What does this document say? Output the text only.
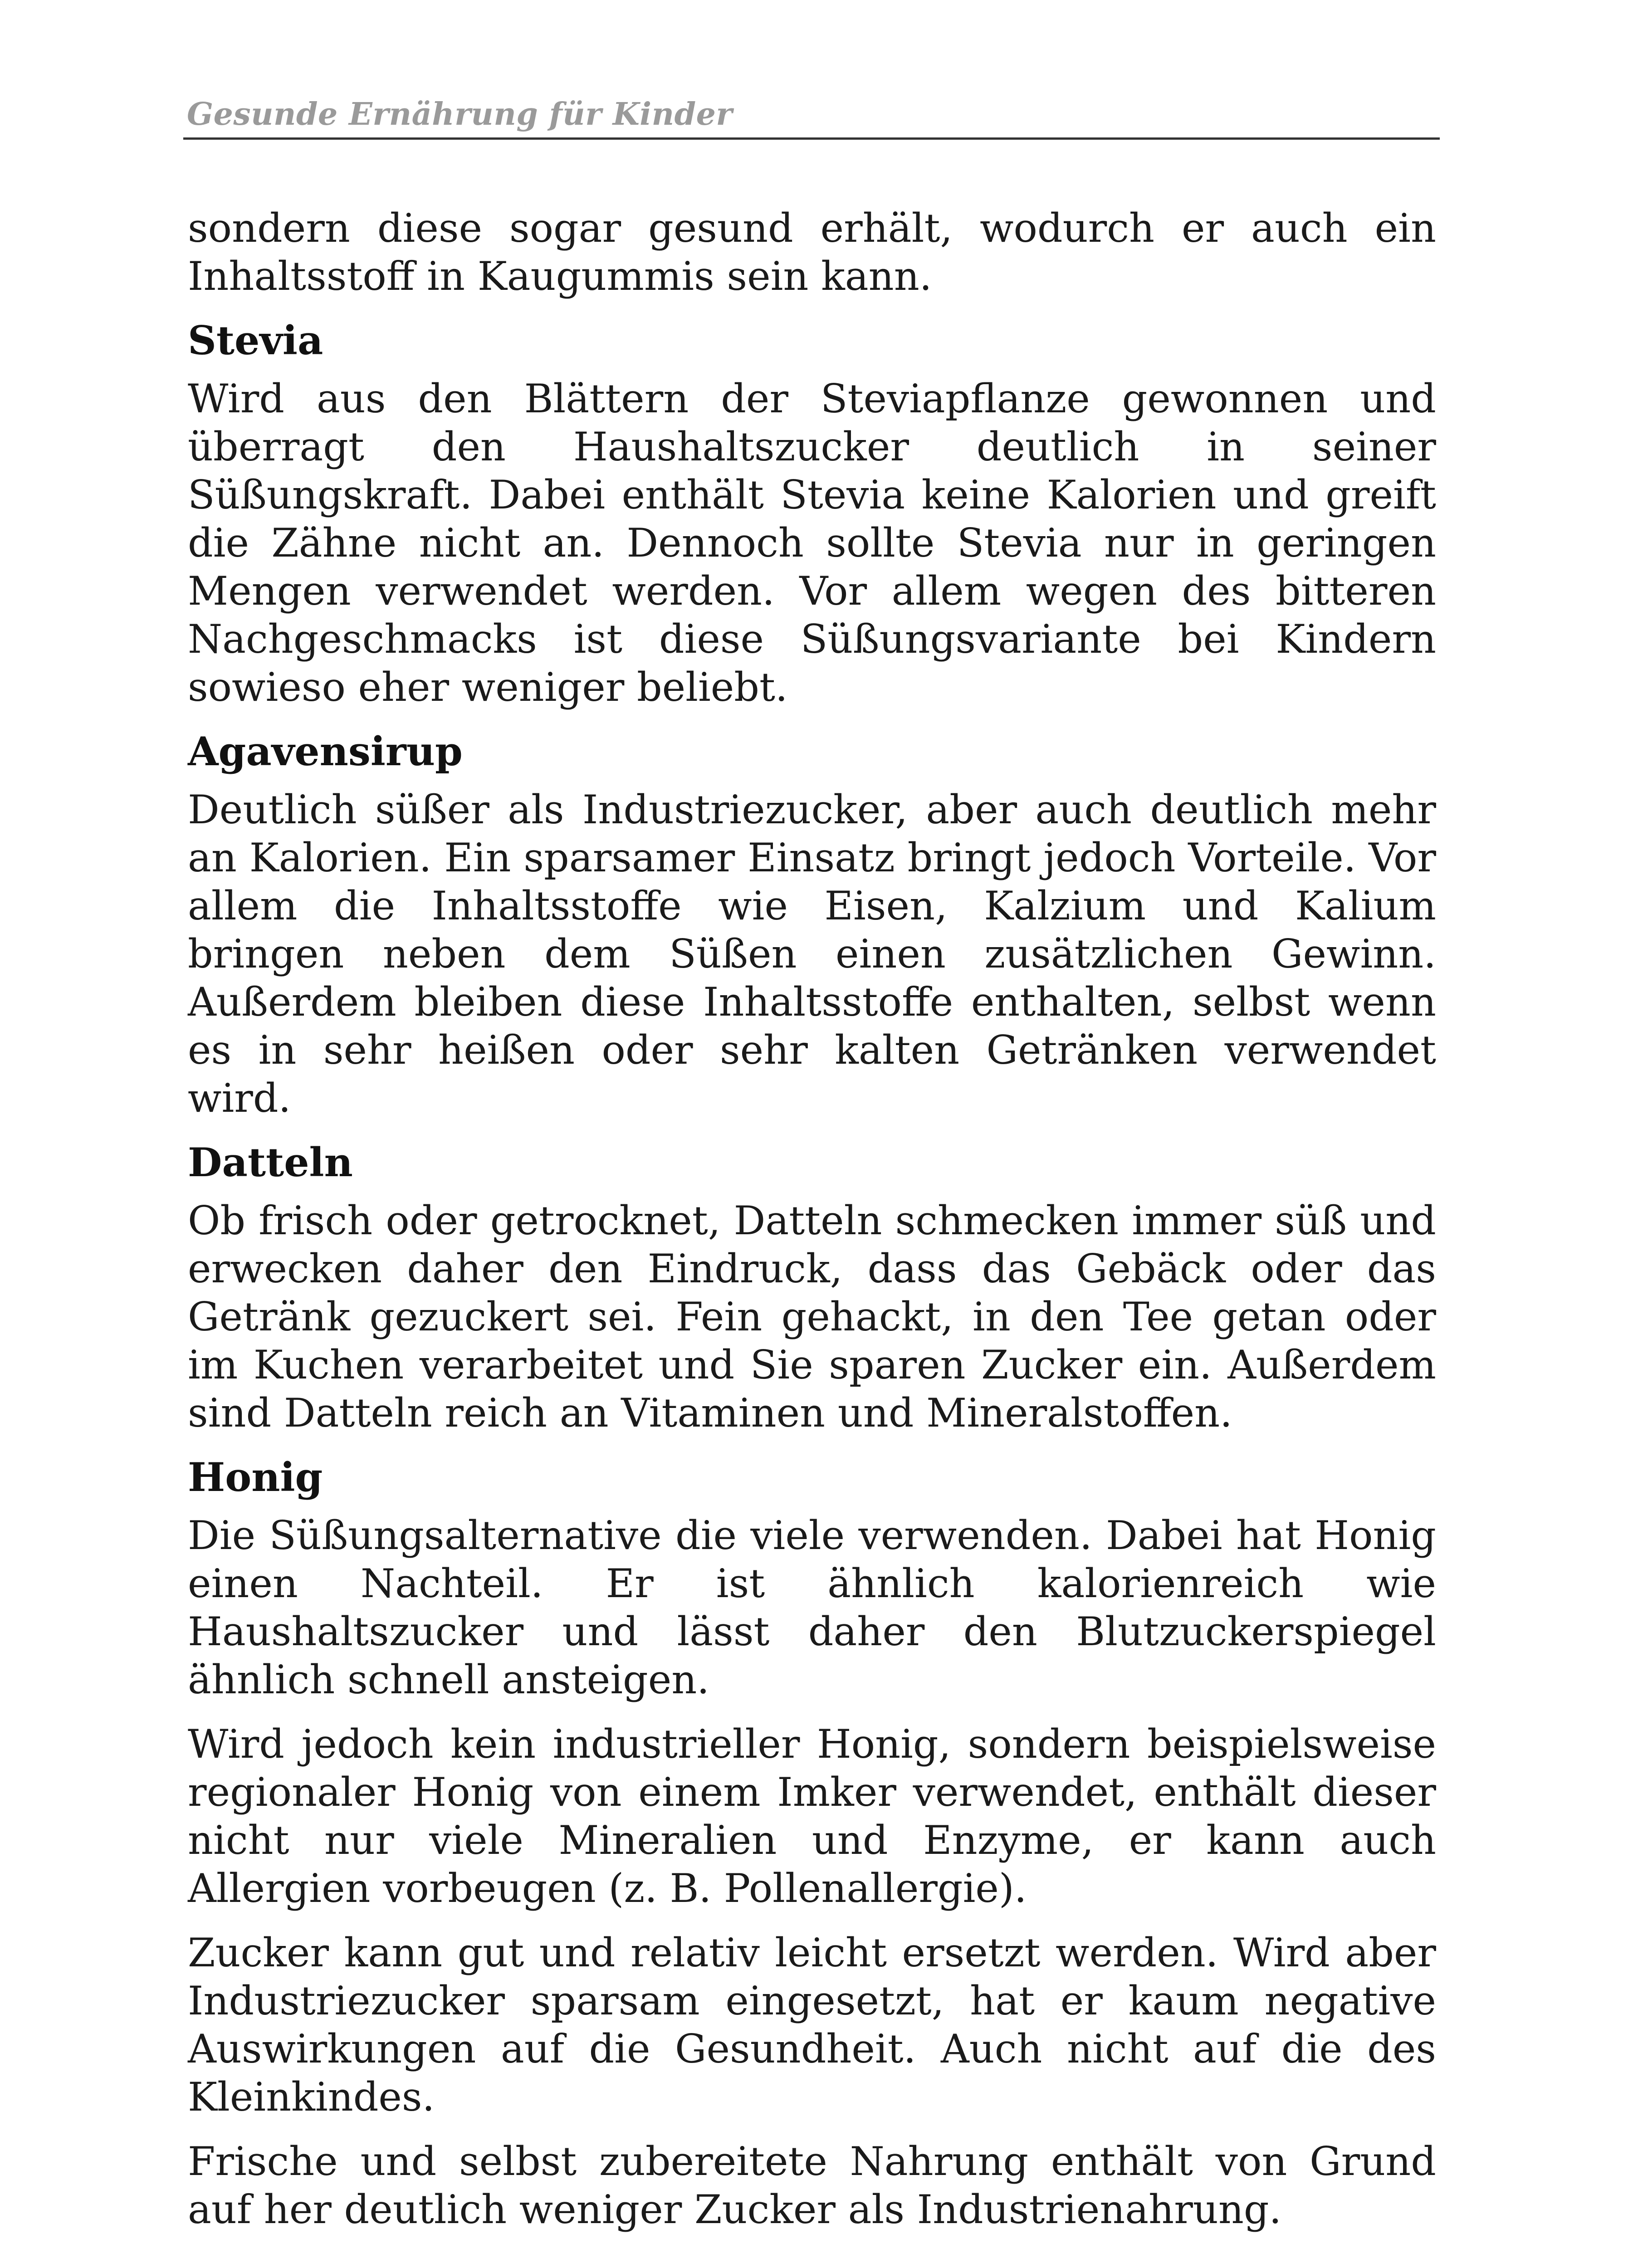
Gesunde Ernährung für Kinder

sondern diese sogar gesund erhält, wodurch er auch ein Inhaltsstoff in Kaugummis sein kann.

Stevia

Wird aus den Blättern der Steviapflanze gewonnen und überragt den Haushaltszucker deutlich in seiner Süßungskraft. Dabei enthält Stevia keine Kalorien und greift die Zähne nicht an. Dennoch sollte Stevia nur in geringen Mengen verwendet werden. Vor allem wegen des bitteren Nachgeschmacks ist diese Süßungsvariante bei Kindern sowieso eher weniger beliebt.

Agavensirup

Deutlich süßer als Industriezucker, aber auch deutlich mehr an Kalorien. Ein sparsamer Einsatz bringt jedoch Vorteile. Vor allem die Inhaltsstoffe wie Eisen, Kalzium und Kalium bringen neben dem Süßen einen zusätzlichen Gewinn. Außerdem bleiben diese Inhaltsstoffe enthalten, selbst wenn es in sehr heißen oder sehr kalten Getränken verwendet wird.

Datteln

Ob frisch oder getrocknet, Datteln schmecken immer süß und erwecken daher den Eindruck, dass das Gebäck oder das Getränk gezuckert sei. Fein gehackt, in den Tee getan oder im Kuchen verarbeitet und Sie sparen Zucker ein. Außerdem sind Datteln reich an Vitaminen und Mineralstoffen.

Honig

Die Süßungsalternative die viele verwenden. Dabei hat Honig einen Nachteil. Er ist ähnlich kalorienreich wie Haushaltszucker und lässt daher den Blutzuckerspiegel ähnlich schnell ansteigen.

Wird jedoch kein industrieller Honig, sondern beispielsweise regionaler Honig von einem Imker verwendet, enthält dieser nicht nur viele Mineralien und Enzyme, er kann auch Allergien vorbeugen (z. B. Pollenallergie).

Zucker kann gut und relativ leicht ersetzt werden. Wird aber Industriezucker sparsam eingesetzt, hat er kaum negative Auswirkungen auf die Gesundheit. Auch nicht auf die des Kleinkindes.

Frische und selbst zubereitete Nahrung enthält von Grund auf her deutlich weniger Zucker als Industrienahrung.
